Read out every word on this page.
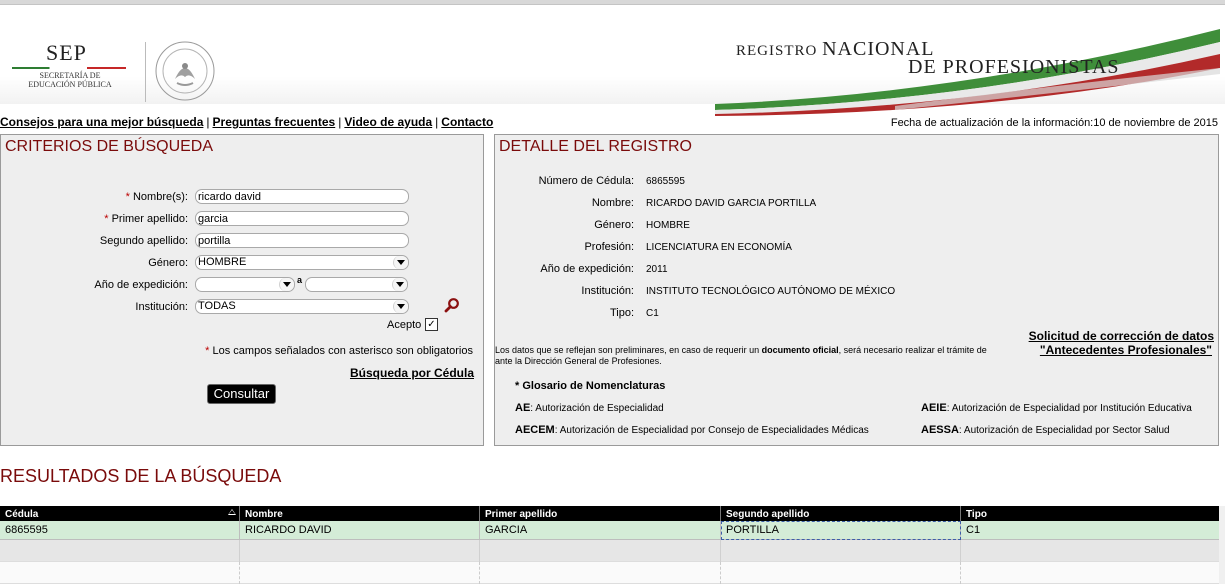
SEP
SECRETARÍA DE
EDUCACIÓN PÚBLICA
REGISTRO NACIONAL
DE PROFESIONISTAS
Consejos para una mejor búsqueda | Preguntas frecuentes | Video de ayuda | Contacto	Fecha de actualización de la información:10 de noviembre de 2015
CRITERIOS DE BÚSQUEDA
* Nombre(s):
ricardo david
* Primer apellido:
garcia
Segundo apellido:
portilla
Género: HOMBRE
Año de expedición:	a
Institución: TODAS
Acepto ✓
* Los campos señalados con asterisco son obligatorios
Búsqueda por Cédula
Consultar
DETALLE DEL REGISTRO
Número de Cédula: 6865595
Nombre: RICARDO DAVID GARCIA PORTILLA
Género: HOMBRE
Profesión: LICENCIATURA EN ECONOMÍA
Año de expedición: 2011
Institución: INSTITUTO TECNOLÓGICO AUTÓNOMO DE MÉXICO
Tipo: C1
Solicitud de corrección de datos
"Antecedentes Profesionales"
Los datos que se reflejan son preliminares, en caso de requerir un documento oficial, será necesario realizar el trámite de
ante la Dirección General de Profesiones.
* Glosario de Nomenclaturas
AE: Autorización de Especialidad	AEIE: Autorización de Especialidad por Institución Educativa
AECEM: Autorización de Especialidad por Consejo de Especialidades Médicas	AESSA: Autorización de Especialidad por Sector Salud
RESULTADOS DE LA BÚSQUEDA
Cédula	Nombre	Primer apellido	Segundo apellido	Tipo
6865595	RICARDO DAVID	GARCIA	PORTILLA	C1
